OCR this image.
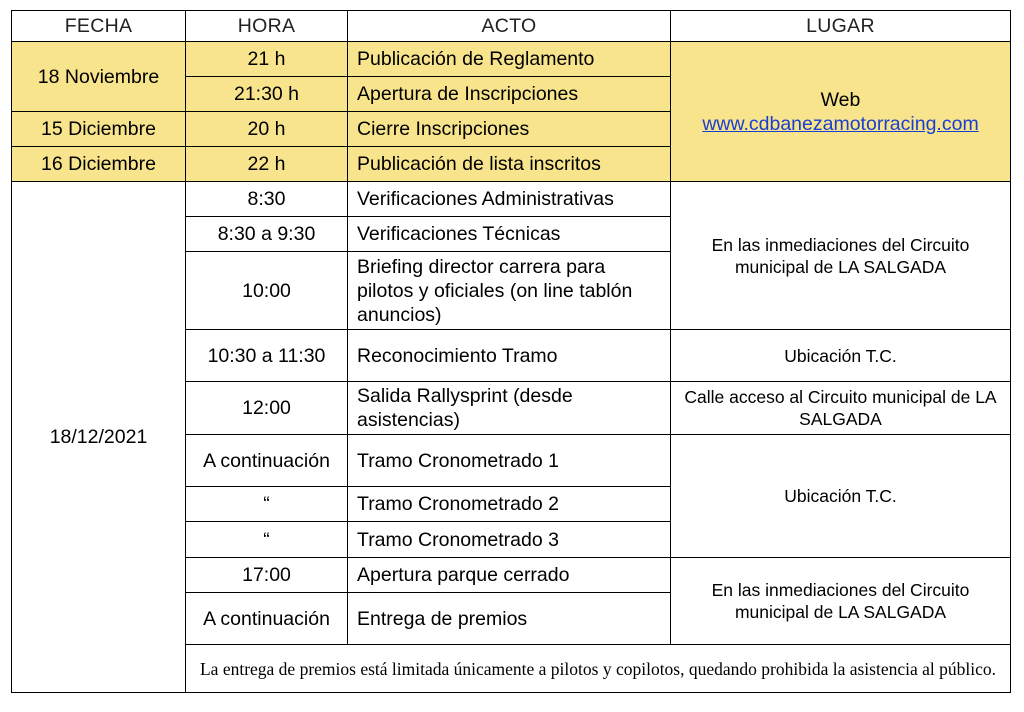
FECHA	HORA	ACTO	LUGAR
18 Noviembre	21 h	Publicación de Reglamento	Web
www.cdbanezamotorracing.com
	21:30 h	Apertura de Inscripciones	
15 Diciembre	20 h	Cierre Inscripciones	
16 Diciembre	22 h	Publicación de lista inscritos	
18/12/2021	8:30	Verificaciones Administrativas	En las inmediaciones del Circuito municipal de LA SALGADA
	8:30 a 9:30	Verificaciones Técnicas	
	10:00	Briefing director carrera para pilotos y oficiales (on line tablón anuncios)	
	10:30 a 11:30	Reconocimiento Tramo	Ubicación T.C.
	12:00	Salida Rallysprint (desde asistencias)	Calle acceso al Circuito municipal de LA SALGADA
	A continuación	Tramo Cronometrado 1	Ubicación T.C.
	“	Tramo Cronometrado 2	
	“	Tramo Cronometrado 3	
	17:00	Apertura parque cerrado	En las inmediaciones del Circuito municipal de LA SALGADA
	A continuación	Entrega de premios	
	La entrega de premios está limitada únicamente a pilotos y copilotos, quedando prohibida la asistencia al público.		
